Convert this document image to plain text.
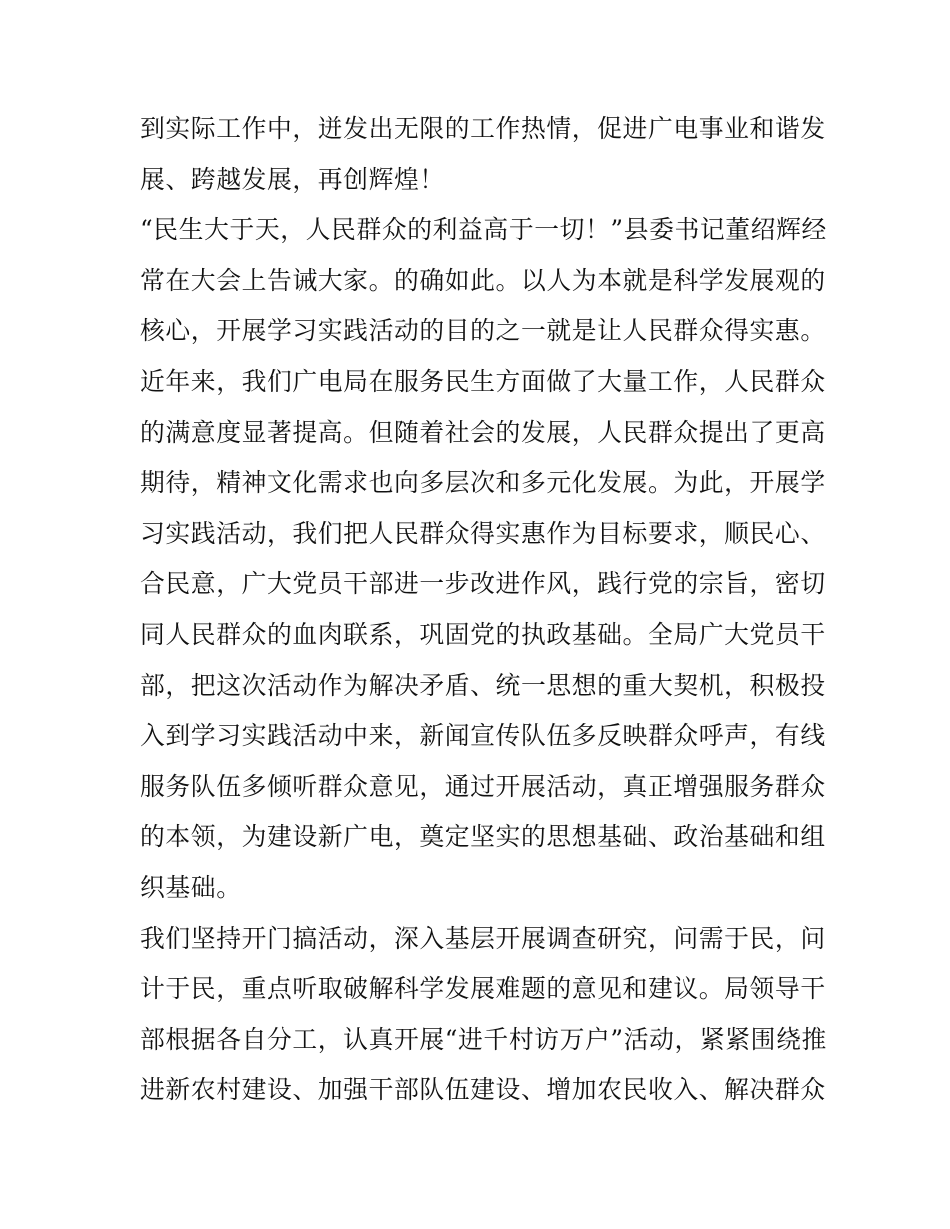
到实际工作中，迸发出无限的工作热情，促进广电事业和谐发
展、跨越发展，再创辉煌！
“民生大于天，人民群众的利益高于一切！”县委书记董绍辉经
常在大会上告诫大家。的确如此。以人为本就是科学发展观的
核心，开展学习实践活动的目的之一就是让人民群众得实惠。
近年来，我们广电局在服务民生方面做了大量工作，人民群众
的满意度显著提高。但随着社会的发展，人民群众提出了更高
期待，精神文化需求也向多层次和多元化发展。为此，开展学
习实践活动，我们把人民群众得实惠作为目标要求，顺民心、
合民意，广大党员干部进一步改进作风，践行党的宗旨，密切
同人民群众的血肉联系，巩固党的执政基础。全局广大党员干
部，把这次活动作为解决矛盾、统一思想的重大契机，积极投
入到学习实践活动中来，新闻宣传队伍多反映群众呼声，有线
服务队伍多倾听群众意见，通过开展活动，真正增强服务群众
的本领，为建设新广电，奠定坚实的思想基础、政治基础和组
织基础。
我们坚持开门搞活动，深入基层开展调查研究，问需于民，问
计于民，重点听取破解科学发展难题的意见和建议。局领导干
部根据各自分工，认真开展“进千村访万户”活动，紧紧围绕推
进新农村建设、加强干部队伍建设、增加农民收入、解决群众
